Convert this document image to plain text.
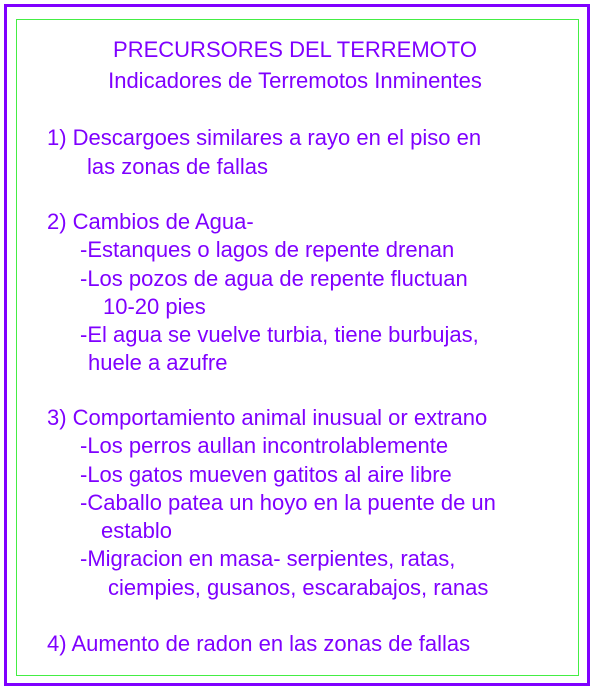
PRECURSORES DEL TERREMOTO
Indicadores de Terremotos Inminentes
1) Descargoes similares a rayo en el piso en
las zonas de fallas
2) Cambios de Agua-
-Estanques o lagos de repente drenan
-Los pozos de agua de repente fluctuan
10-20 pies
-El agua se vuelve turbia, tiene burbujas,
huele a azufre
3) Comportamiento animal inusual or extrano
-Los perros aullan incontrolablemente
-Los gatos mueven gatitos al aire libre
-Caballo patea un hoyo en la puente de un
establo
-Migracion en masa- serpientes, ratas,
ciempies, gusanos, escarabajos, ranas
4) Aumento de radon en las zonas de fallas
